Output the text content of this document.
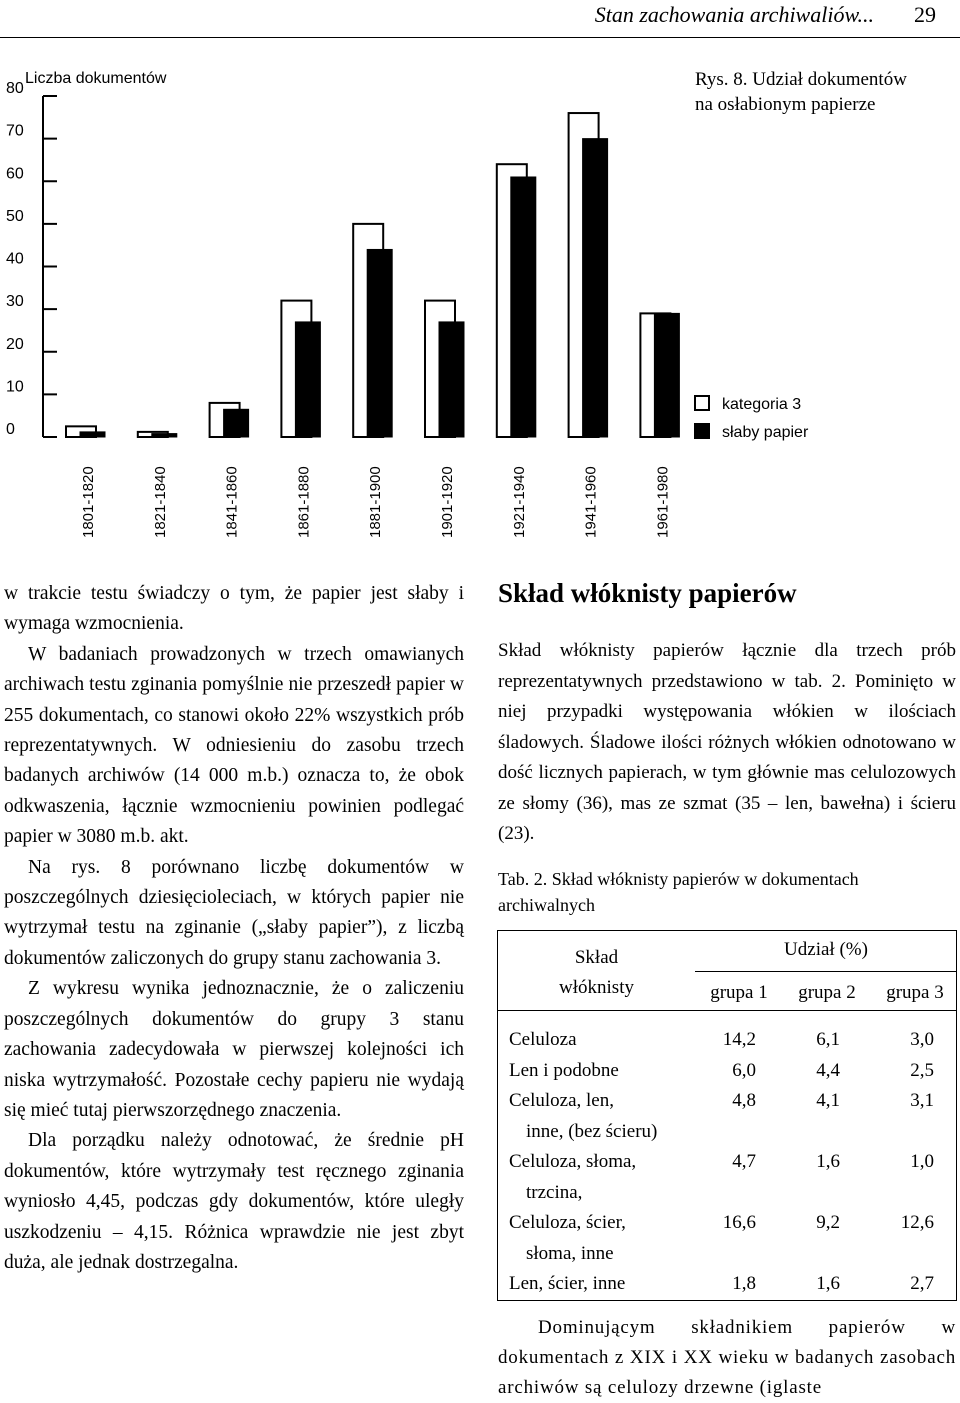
Stan zachowania archiwaliów... 29
Rys. 8. Udział dokumentów
na osłabionym papierze
Liczba dokumentów
0
10
20
30
40
50
60
70
80
1801-1820	1821-1840	1841-1860	1861-1880	1881-1900	1901-1920	1921-1940	1941-1960	1961-1980
kategoria 3
słaby papier

w trakcie testu świadczy o tym, że papier jest słaby i wymaga wzmocnienia.

W badaniach prowadzonych w trzech omawianych archiwach testu zginania pomyślnie nie przeszedł papier w 255 dokumentach, co stanowi około 22% wszystkich prób reprezentatywnych. W odniesieniu do zasobu trzech badanych archiwów (14 000 m.b.) oznacza to, że obok odkwaszenia, łącznie wzmocnieniu powinien podlegać papier w 3080 m.b. akt.

Na rys. 8 porównano liczbę dokumentów w poszczególnych dziesięcioleciach, w których papier nie wytrzymał testu na zginanie („słaby papier”), z liczbą dokumentów zaliczonych do grupy stanu zachowania 3.

Z wykresu wynika jednoznacznie, że o zaliczeniu poszczególnych dokumentów do grupy 3 stanu zachowania zadecydowała w pierwszej kolejności ich niska wytrzymałość. Pozostałe cechy papieru nie wydają się mieć tutaj pierwszorzędnego znaczenia.

Dla porządku należy odnotować, że średnie pH dokumentów, które wytrzymały test ręcznego zginania wyniosło 4,45, podczas gdy dokumentów, które uległy uszkodzeniu – 4,15. Różnica wprawdzie nie jest zbyt duża, ale jednak dostrzegalna.

Skład włóknisty papierów

Skład włóknisty papierów łącznie dla trzech prób reprezentatywnych przedstawiono w tab. 2. Pominięto w niej przypadki występowania włókien w ilościach śladowych. Śladowe ilości różnych włókien odnotowano w dość licznych papierach, w tym głównie mas celulozowych ze słomy (36), mas ze szmat (35 – len, bawełna) i ścieru (23).

Tab. 2. Skład włóknisty papierów w dokumentach archiwalnych
Skład
włóknisty
Udział (%)
grupa 1	grupa 2	grupa 3
Celuloza	14,2	6,1	3,0
Len i podobne	6,0	4,4	2,5
Celuloza, len,
inne, (bez ścieru)
4,8	4,1	3,1
Celuloza, słoma,
trzcina,
4,7	1,6	1,0
Celuloza, ścier,
słoma, inne
16,6	9,2	12,6
Len, ścier, inne	1,8	1,6	2,7

Dominującym składnikiem papierów w dokumentach z XIX i XX wieku w badanych zasobach archiwów są celulozy drzewne (iglaste
